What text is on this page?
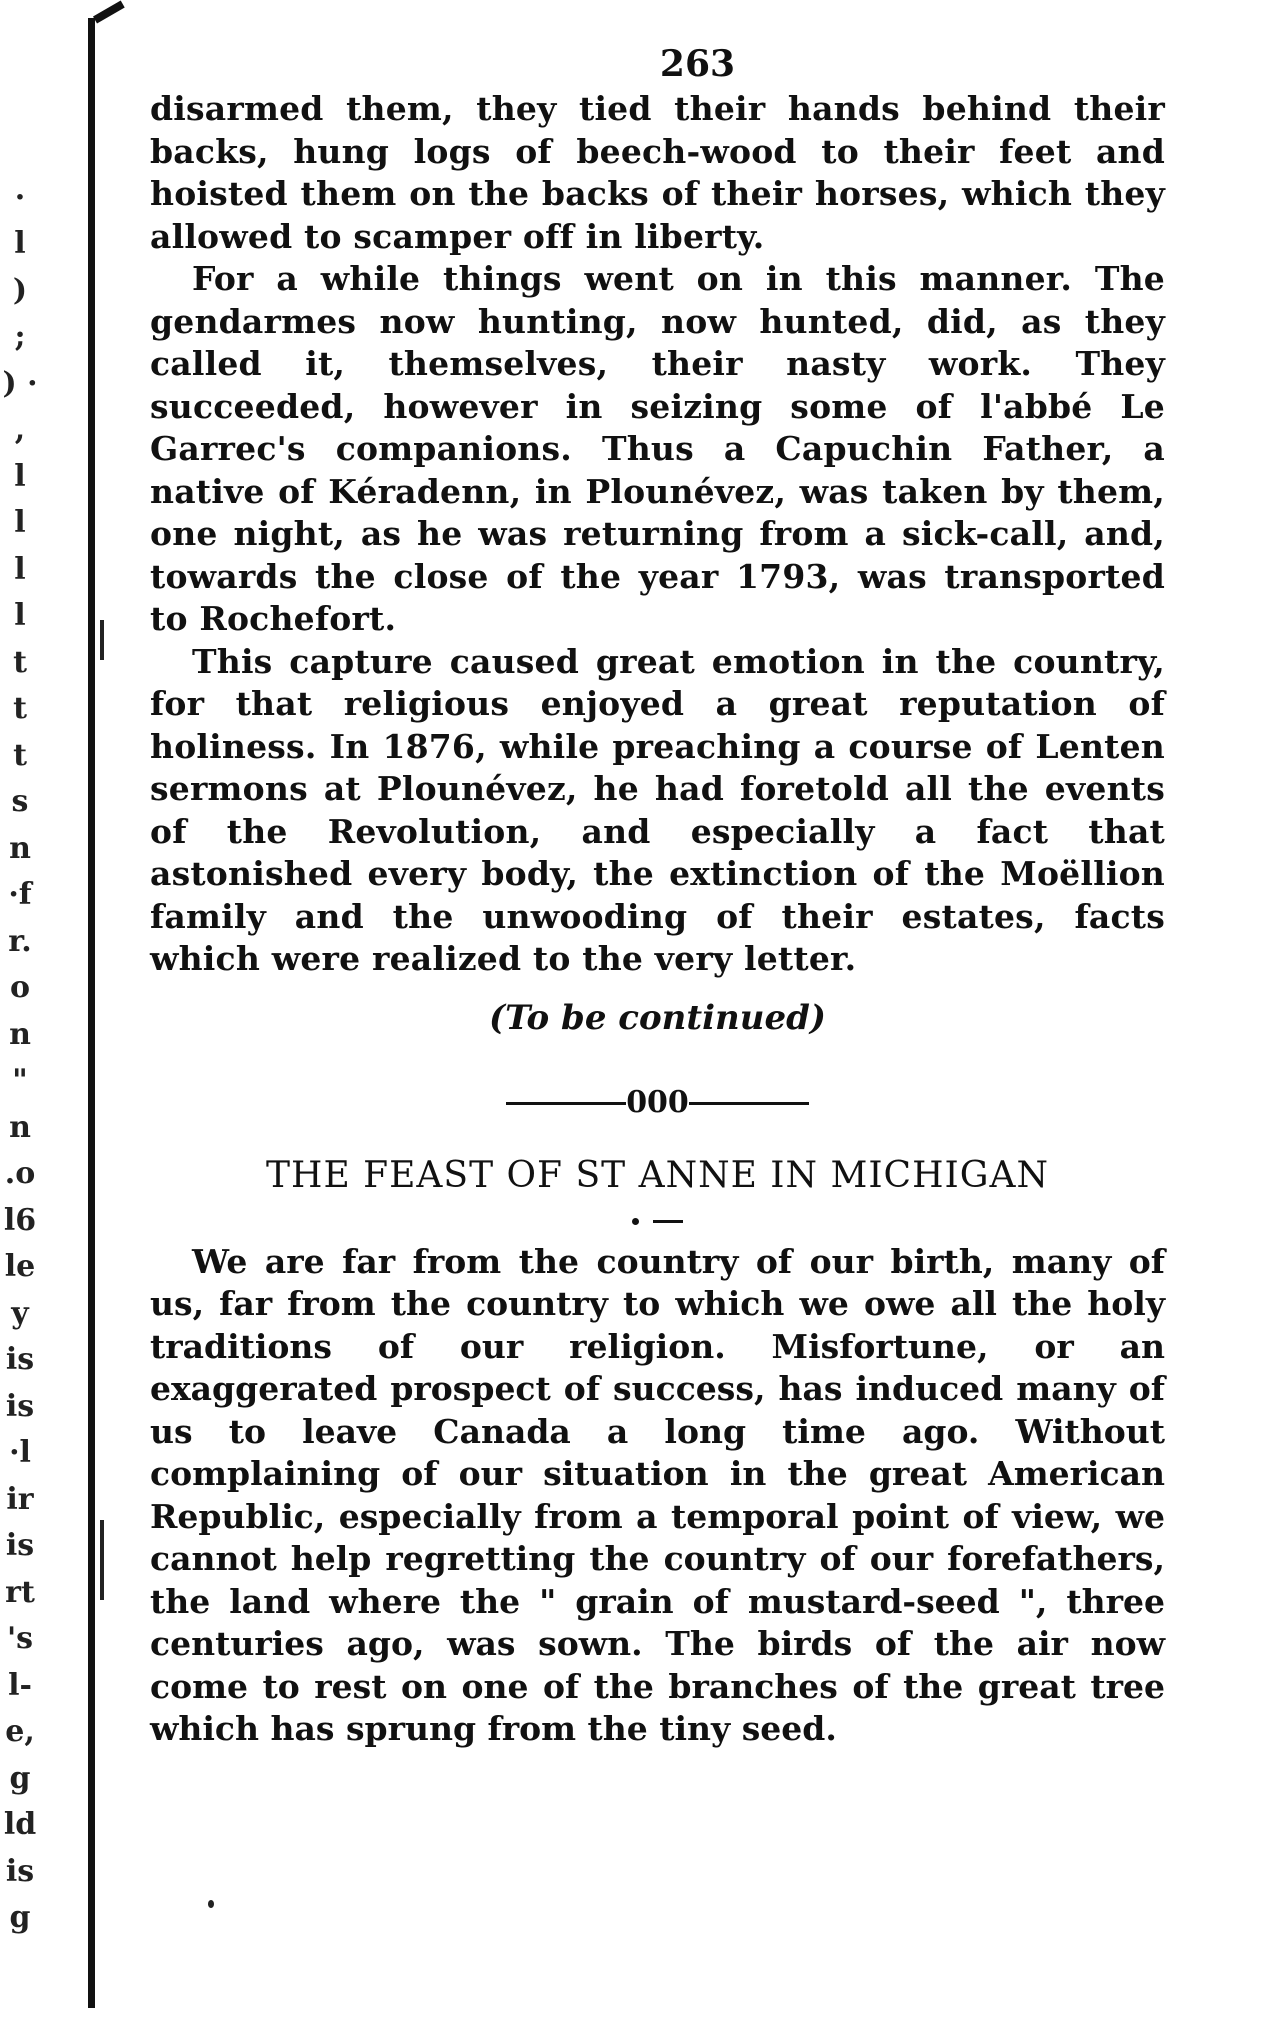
·
l
)
;
) ·
,
l
l
l
l
t
t
t
s
n
·f
r.
o
n
"
n
.o
l6
le
y
is
is
·l
ir
is
rt
's
l-
e,
g
ld
is
g
263

disarmed them, they tied their hands behind their backs, hung logs of beech-wood to their feet and hoisted them on the backs of their horses, which they allowed to scamper off in liberty.

For a while things went on in this manner. The gendarmes now hunting, now hunted, did, as they called it, themselves, their nasty work. They succeeded, however in seizing some of l'abbé Le Garrec's companions. Thus a Capuchin Father, a native of Kéradenn, in Plounévez, was taken by them, one night, as he was returning from a sick-call, and, towards the close of the year 1793, was transported to Rochefort.

This capture caused great emotion in the country, for that religious enjoyed a great reputation of holiness. In 1876, while preaching a course of Lenten sermons at Plounévez, he had foretold all the events of the Revolution, and especially a fact that astonished every body, the extinction of the Moëllion family and the unwooding of their estates, facts which were realized to the very letter.

(To be continued)
000
THE FEAST OF ST ANNE IN MICHIGAN

We are far from the country of our birth, many of us, far from the country to which we owe all the holy traditions of our religion. Misfortune, or an exaggerated prospect of success, has induced many of us to leave Canada a long time ago. Without complaining of our situation in the great American Republic, especially from a temporal point of view, we cannot help regretting the country of our forefathers, the land where the " grain of mustard-seed ", three centuries ago, was sown. The birds of the air now come to rest on one of the branches of the great tree which has sprung from the tiny seed.
